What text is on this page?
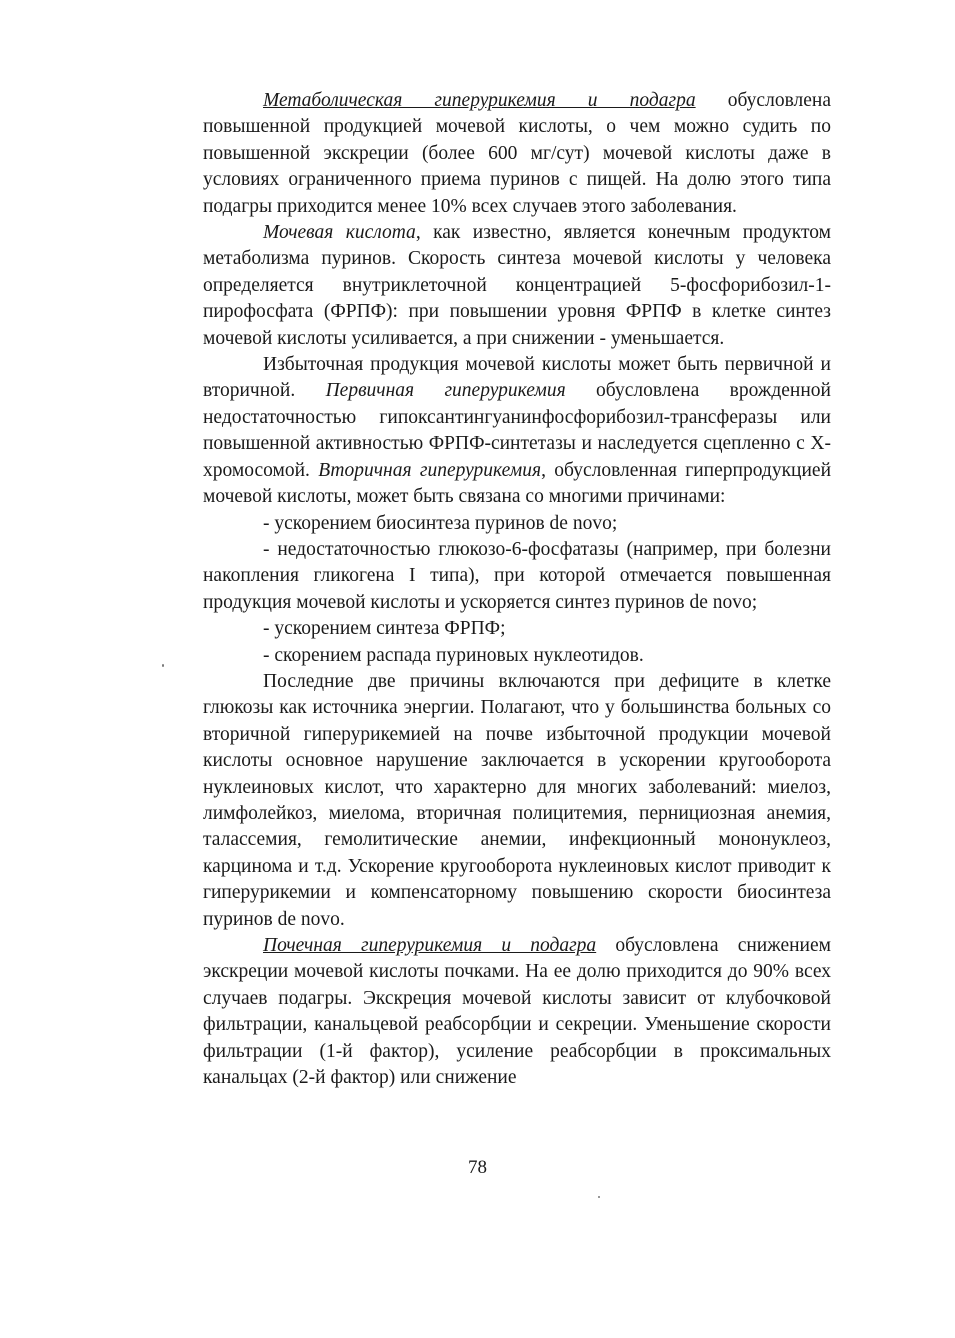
Метаболическая гиперурикемия и подагра обусловлена повышенной продукцией мочевой кислоты, о чем можно судить по повышенной экскреции (более 600 мг/сут) мочевой кислоты даже в условиях ограниченного приема пуринов с пищей. На долю этого типа подагры приходится менее 10% всех случаев этого заболевания.

Мочевая кислота, как известно, является конечным продуктом метаболизма пуринов. Скорость синтеза мочевой кислоты у человека определяется внутриклеточной концентрацией 5-фосфорибозил-1-пирофосфата (ФРПФ): при повышении уровня ФРПФ в клетке синтез мочевой кислоты усиливается, а при снижении - уменьшается.

Избыточная продукция мочевой кислоты может быть первичной и вторичной. Первичная гиперурикемия обусловлена врожденной недостаточностью гипоксантингуанинфосфорибозил-трансферазы или повышенной активностью ФРПФ-синтетазы и наследуется сцепленно с Х-хромосомой. Вторичная гиперурикемия, обусловленная гиперпродукцией мочевой кислоты, может быть связана со многими причинами:

- ускорением биосинтеза пуринов de novo;

- недостаточностью глюкозо-6-фосфатазы (например, при болезни накопления гликогена I типа), при которой отмечается повышенная продукция мочевой кислоты и ускоряется синтез пуринов de novo;

- ускорением синтеза ФРПФ;

- скорением распада пуриновых нуклеотидов.

Последние две причины включаются при дефиците в клетке глюкозы как источника энергии. Полагают, что у большинства больных со вторичной гиперурикемией на почве избыточной продукции мочевой кислоты основное нарушение заключается в ускорении кругооборота нуклеиновых кислот, что характерно для многих заболеваний: миелоз, лимфолейкоз, миелома, вторичная полицитемия, пернициозная анемия, талассемия, гемолитические анемии, инфекционный мононуклеоз, карцинома и т.д. Ускорение кругооборота нуклеиновых кислот приводит к гиперурикемии и компенсаторному повышению скорости биосинтеза пуринов de novo.

Почечная гиперурикемия и подагра обусловлена снижением экскреции мочевой кислоты почками. На ее долю приходится до 90% всех случаев подагры. Экскреция мочевой кислоты зависит от клубочковой фильтрации, канальцевой реабсорбции и секреции. Уменьшение скорости фильтрации (1-й фактор), усиление реабсорбции в проксимальных канальцах (2-й фактор) или снижение

78
